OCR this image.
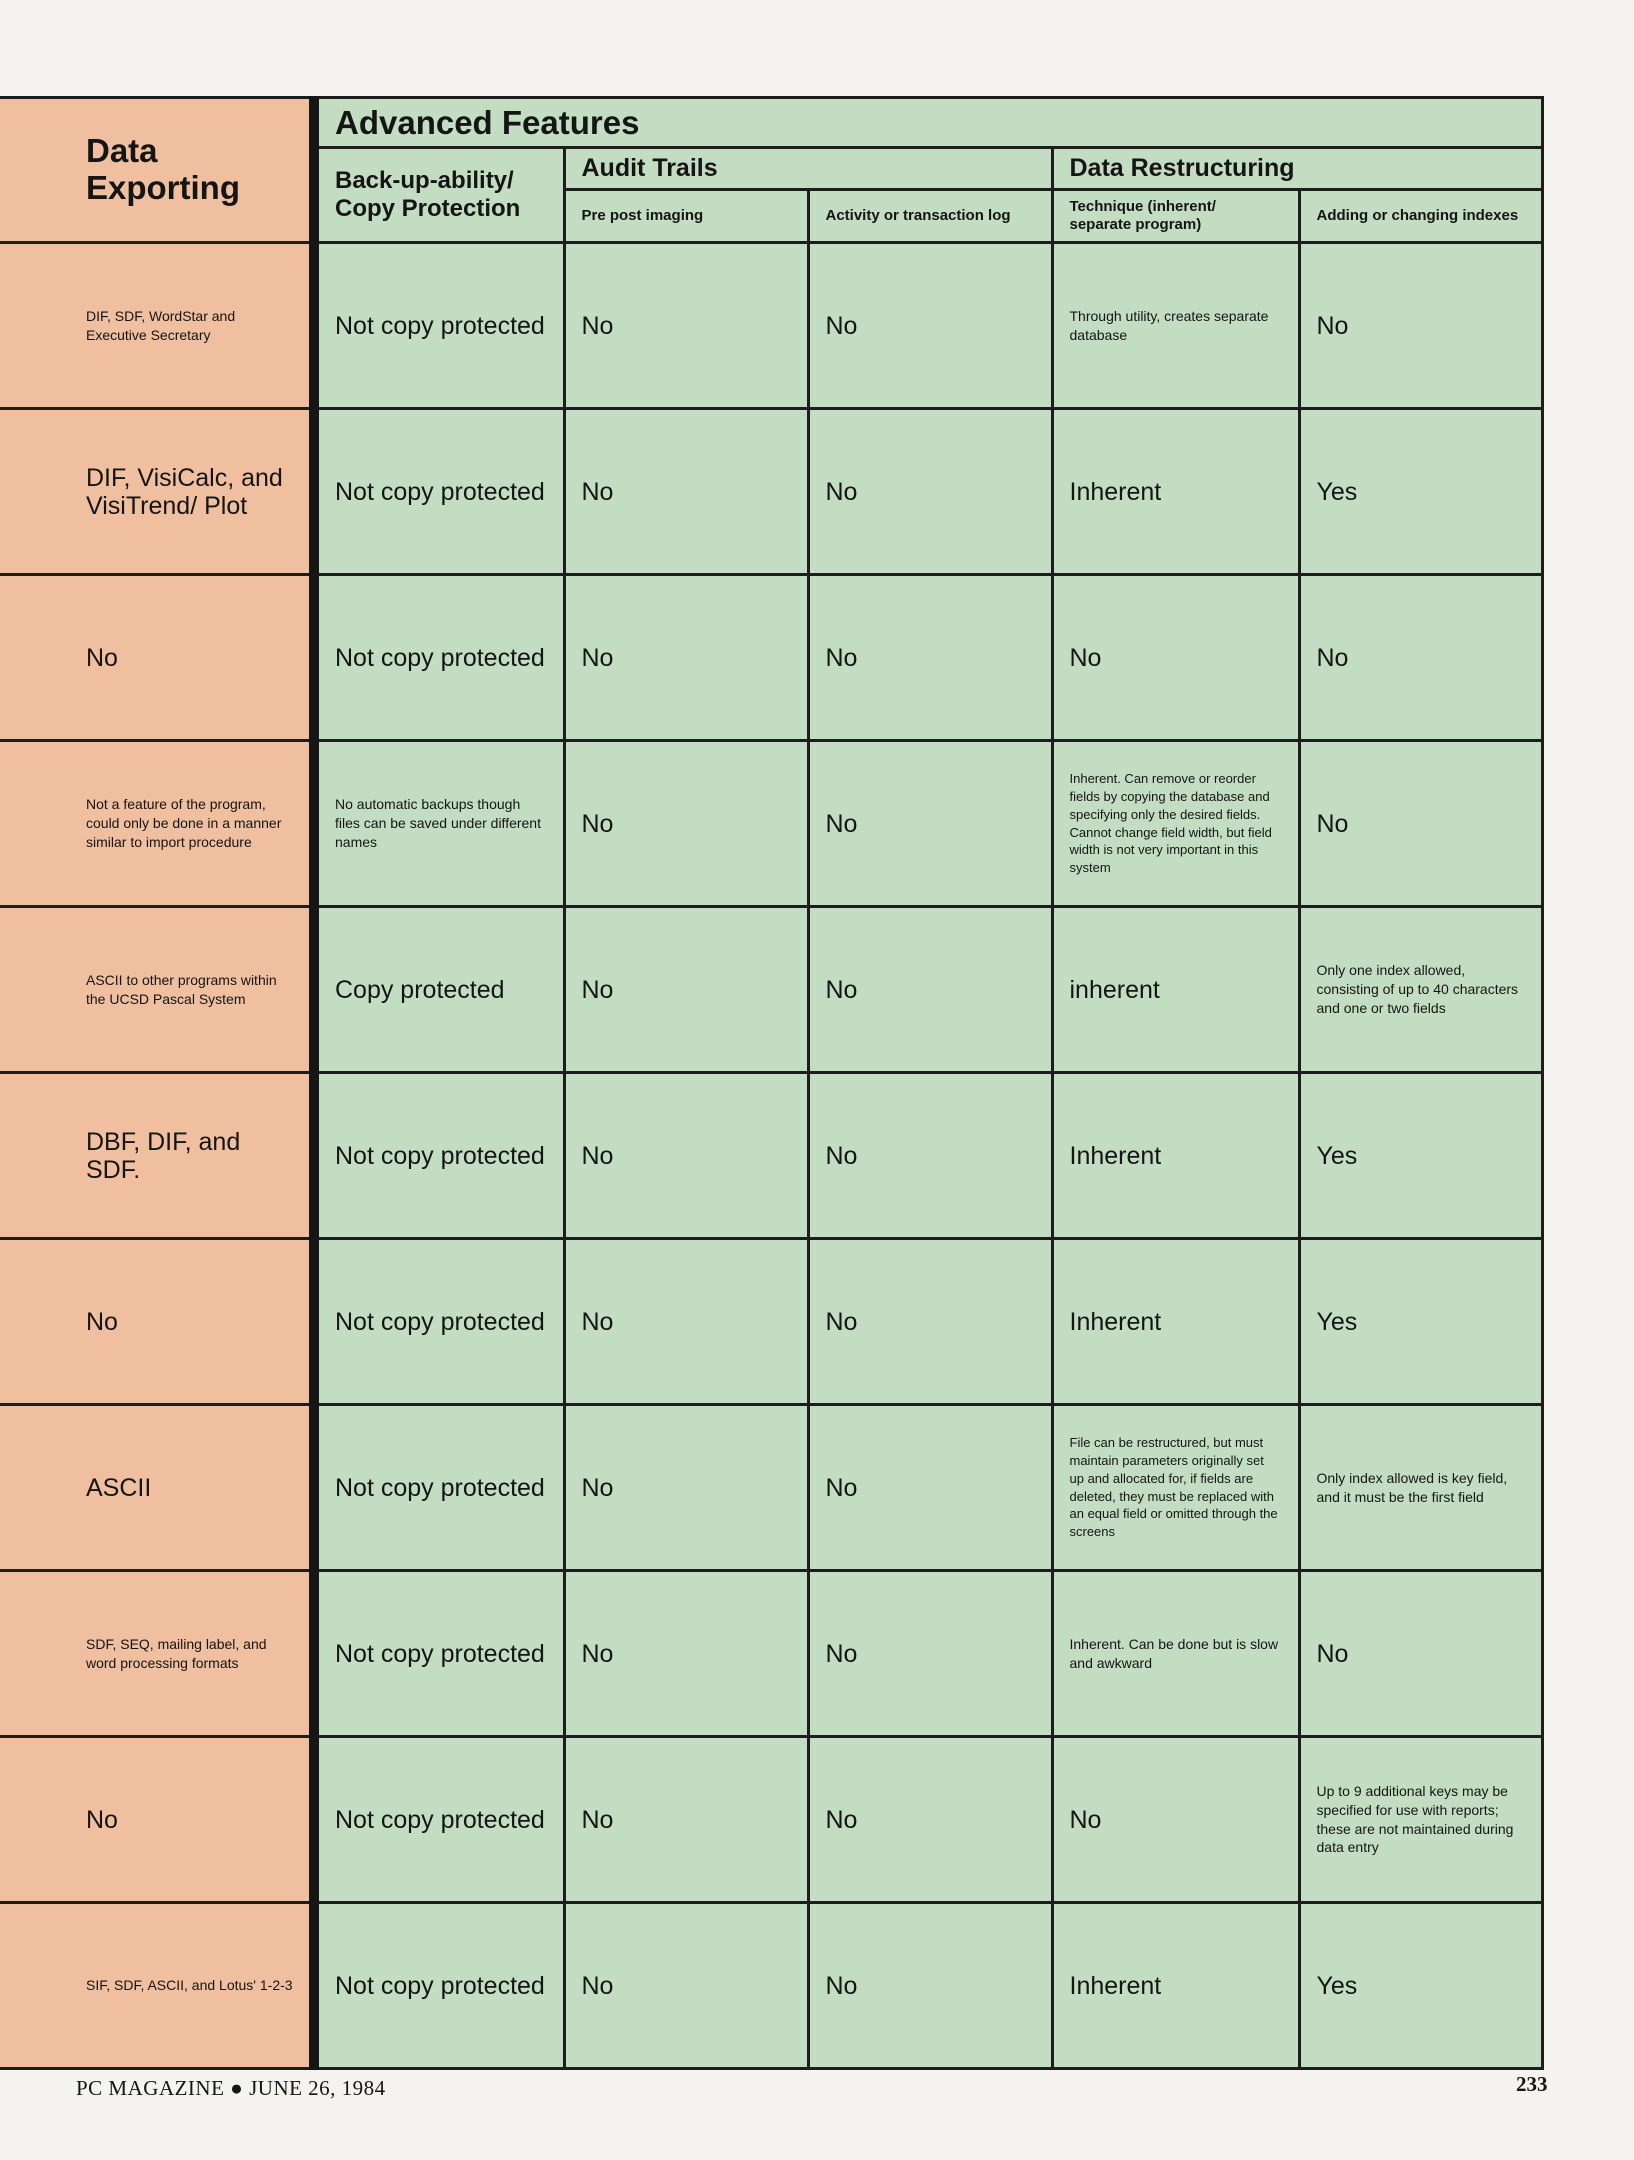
Data Exporting	Advanced Features				
	Back-up-ability/ Copy Protection	Audit Trails		Data Restructuring	
		Pre post imaging	Activity or transaction log	Technique (inherent/ separate program)	Adding or changing indexes
DIF, SDF, WordStar and Executive Secretary	Not copy protected	No	No	Through utility, creates separate database	No
DIF, VisiCalc, and VisiTrend/ Plot	Not copy protected	No	No	Inherent	Yes
No	Not copy protected	No	No	No	No
Not a feature of the program, could only be done in a manner similar to import procedure	No automatic backups though files can be saved under different names	No	No	Inherent. Can remove or reorder fields by copying the database and specifying only the desired fields. Cannot change field width, but field width is not very important in this system	No
ASCII to other programs within the UCSD Pascal System	Copy protected	No	No	inherent	Only one index allowed, consisting of up to 40 characters and one or two fields
DBF, DIF, and SDF.	Not copy protected	No	No	Inherent	Yes
No	Not copy protected	No	No	Inherent	Yes
ASCII	Not copy protected	No	No	File can be restructured, but must maintain parameters originally set up and allocated for, if fields are deleted, they must be replaced with an equal field or omitted through the screens	Only index allowed is key field, and it must be the first field
SDF, SEQ, mailing label, and word processing formats	Not copy protected	No	No	Inherent. Can be done but is slow and awkward	No
No	Not copy protected	No	No	No	Up to 9 additional keys may be specified for use with reports; these are not maintained during data entry
SIF, SDF, ASCII, and Lotus' 1-2-3	Not copy protected	No	No	Inherent	Yes
PC MAGAZINE ● JUNE 26, 1984	233
